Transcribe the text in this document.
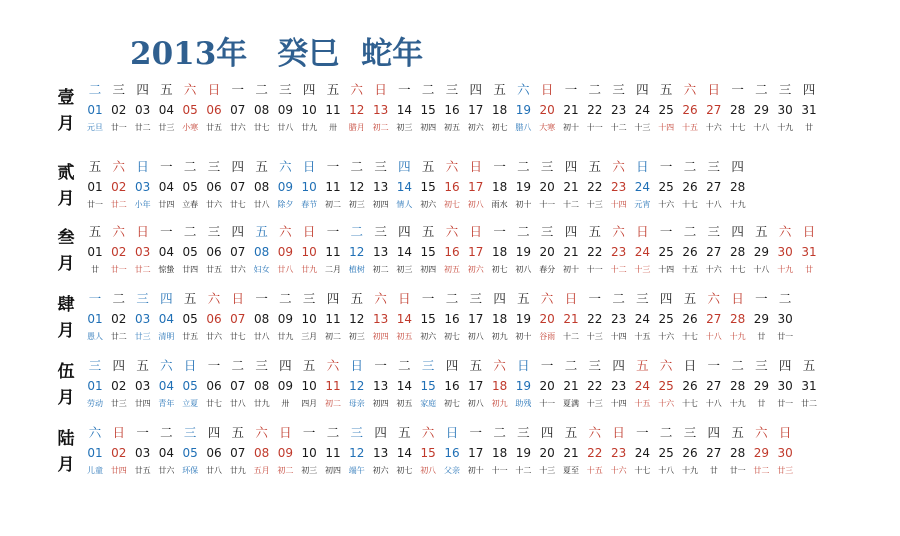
2013年 癸巳 蛇年
壹
月
二
01
元旦
三
02
廿一
四
03
廿二
五
04
廿三
六
05
小寒
日
06
廿五
一
07
廿六
二
08
廿七
三
09
廿八
四
10
廿九
五
11
卅
六
12
腊月
日
13
初二
一
14
初三
二
15
初四
三
16
初五
四
17
初六
五
18
初七
六
19
腊八
日
20
大寒
一
21
初十
二
22
十一
三
23
十二
四
24
十三
五
25
十四
六
26
十五
日
27
十六
一
28
十七
二
29
十八
三
30
十九
四
31
廿
贰
月
五
01
廿一
六
02
廿二
日
03
小年
一
04
廿四
二
05
立春
三
06
廿六
四
07
廿七
五
08
廿八
六
09
除夕
日
10
春节
一
11
初二
二
12
初三
三
13
初四
四
14
情人
五
15
初六
六
16
初七
日
17
初八
一
18
雨水
二
19
初十
三
20
十一
四
21
十二
五
22
十三
六
23
十四
日
24
元宵
一
25
十六
二
26
十七
三
27
十八
四
28
十九
叁
月
五
01
廿
六
02
廿一
日
03
廿二
一
04
惊蛰
二
05
廿四
三
06
廿五
四
07
廿六
五
08
妇女
六
09
廿八
日
10
廿九
一
11
二月
二
12
植树
三
13
初二
四
14
初三
五
15
初四
六
16
初五
日
17
初六
一
18
初七
二
19
初八
三
20
春分
四
21
初十
五
22
十一
六
23
十二
日
24
十三
一
25
十四
二
26
十五
三
27
十六
四
28
十七
五
29
十八
六
30
十九
日
31
廿
肆
月
一
01
愚人
二
02
廿二
三
03
廿三
四
04
清明
五
05
廿五
六
06
廿六
日
07
廿七
一
08
廿八
二
09
廿九
三
10
三月
四
11
初二
五
12
初三
六
13
初四
日
14
初五
一
15
初六
二
16
初七
三
17
初八
四
18
初九
五
19
初十
六
20
谷雨
日
21
十二
一
22
十三
二
23
十四
三
24
十五
四
25
十六
五
26
十七
六
27
十八
日
28
十九
一
29
廿
二
30
廿一
伍
月
三
01
劳动
四
02
廿三
五
03
廿四
六
04
青年
日
05
立夏
一
06
廿七
二
07
廿八
三
08
廿九
四
09
卅
五
10
四月
六
11
初二
日
12
母亲
一
13
初四
二
14
初五
三
15
家庭
四
16
初七
五
17
初八
六
18
初九
日
19
助残
一
20
十一
二
21
夏满
三
22
十三
四
23
十四
五
24
十五
六
25
十六
日
26
十七
一
27
十八
二
28
十九
三
29
廿
四
30
廿一
五
31
廿二
陆
月
六
01
儿童
日
02
廿四
一
03
廿五
二
04
廿六
三
05
环保
四
06
廿八
五
07
廿九
六
08
五月
日
09
初二
一
10
初三
二
11
初四
三
12
端午
四
13
初六
五
14
初七
六
15
初八
日
16
父亲
一
17
初十
二
18
十一
三
19
十二
四
20
十三
五
21
夏至
六
22
十五
日
23
十六
一
24
十七
二
25
十八
三
26
十九
四
27
廿
五
28
廿一
六
29
廿二
日
30
廿三
